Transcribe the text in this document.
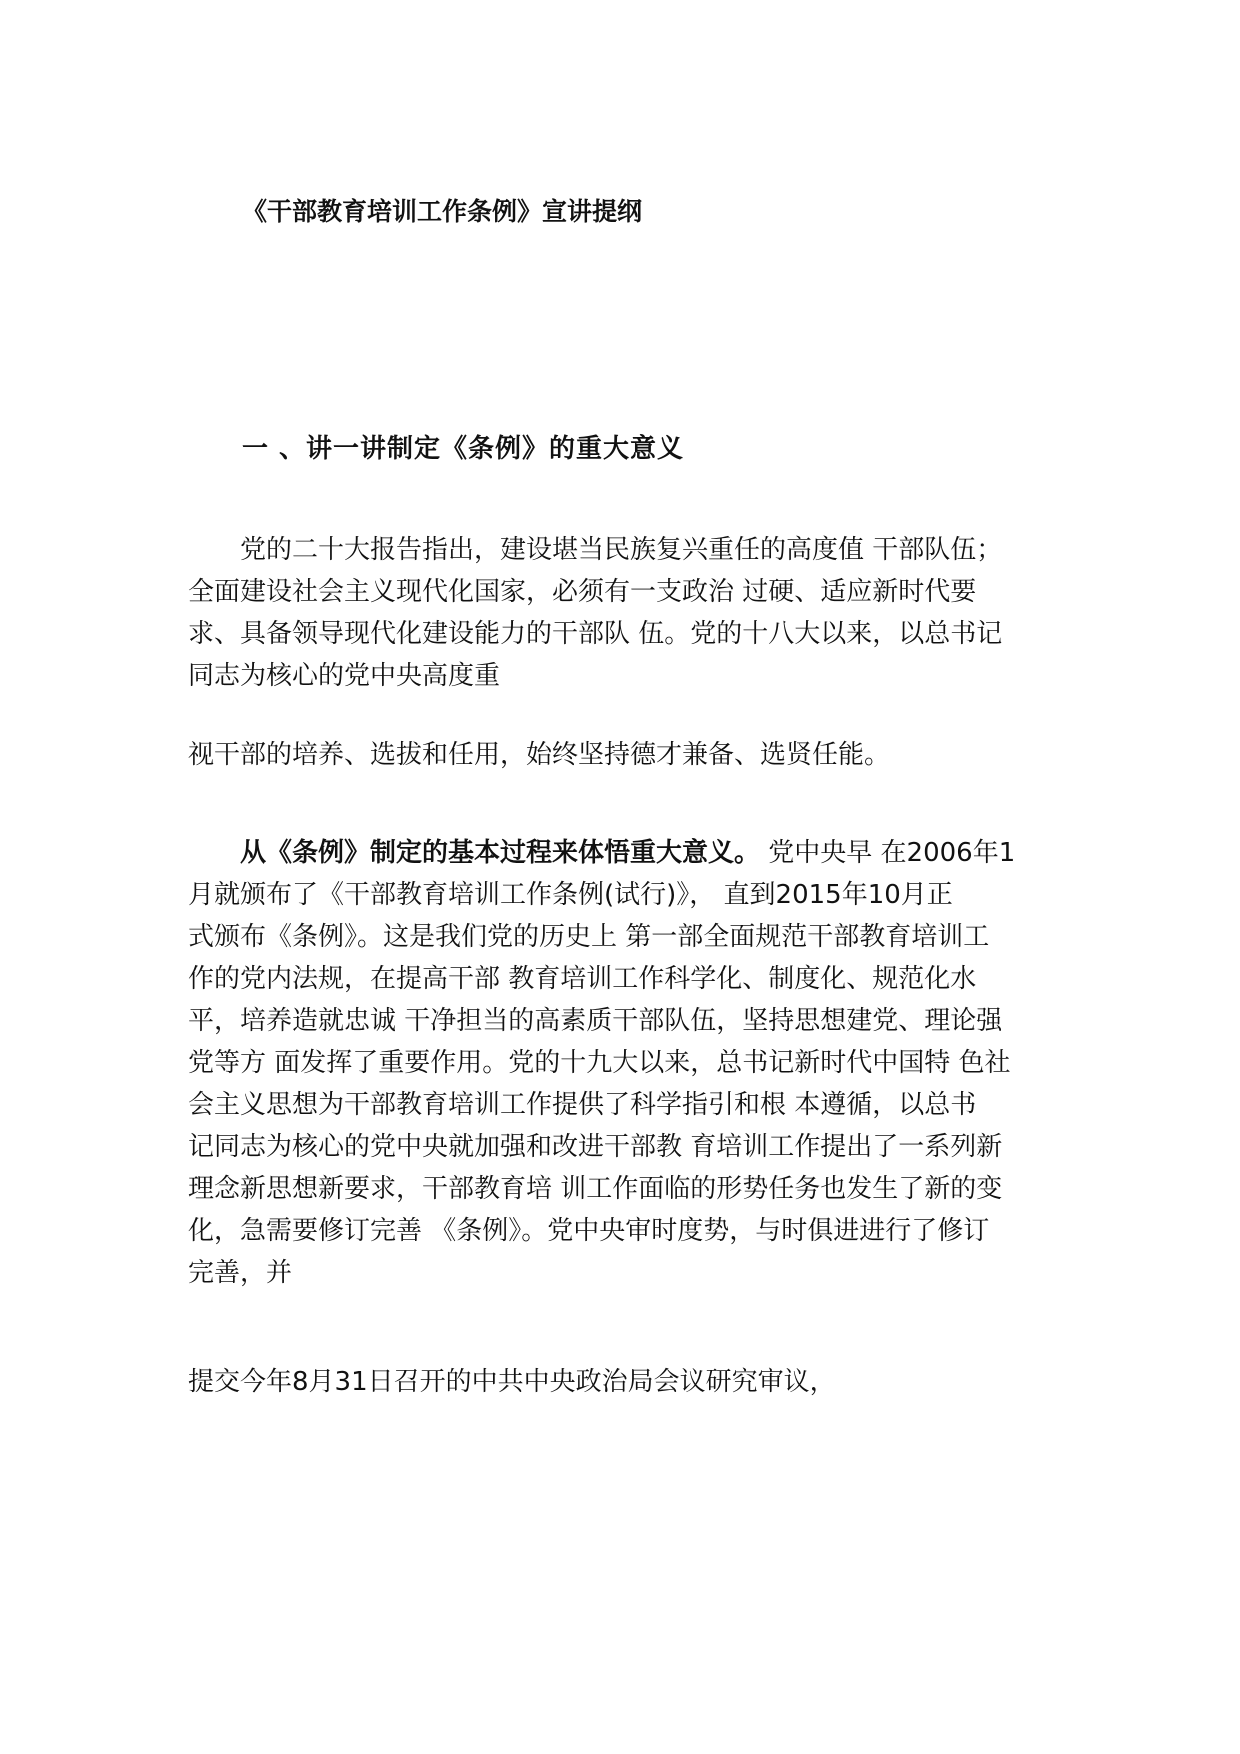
《干部教育培训工作条例》宣讲提纲
一 、讲一讲制定《条例》的重大意义
党的二十大报告指出，建设堪当民族复兴重任的高度值 干部队伍；
全面建设社会主义现代化国家，必须有一支政治 过硬、适应新时代要
求、具备领导现代化建设能力的干部队 伍。党的十八大以来，以总书记
同志为核心的党中央高度重
视干部的培养、选拔和任用，始终坚持德才兼备、选贤任能。
从《条例》制定的基本过程来体悟重大意义。 党中央早 在2006年1
月就颁布了《干部教育培训工作条例(试行)》， 直到2015年10月正
式颁布《条例》。这是我们党的历史上 第一部全面规范干部教育培训工
作的党内法规，在提高干部 教育培训工作科学化、制度化、规范化水
平，培养造就忠诚 干净担当的高素质干部队伍，坚持思想建党、理论强
党等方 面发挥了重要作用。党的十九大以来，总书记新时代中国特 色社
会主义思想为干部教育培训工作提供了科学指引和根 本遵循，以总书
记同志为核心的党中央就加强和改进干部教 育培训工作提出了一系列新
理念新思想新要求，干部教育培 训工作面临的形势任务也发生了新的变
化，急需要修订完善 《条例》。党中央审时度势，与时俱进进行了修订
完善，并
提交今年8月31日召开的中共中央政治局会议研究审议，
